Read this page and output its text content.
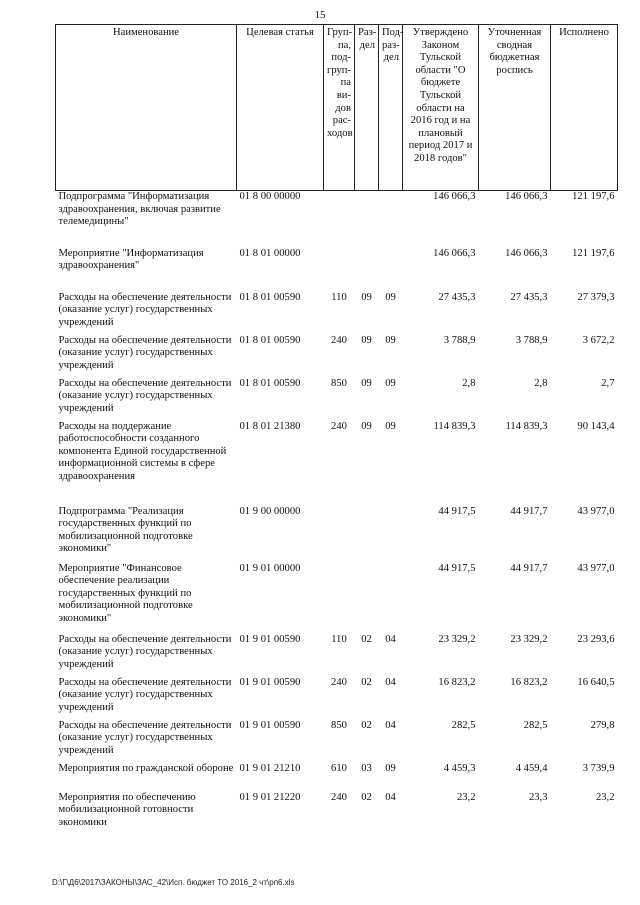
15
Наименование	Целевая статья	Груп-па, под-груп-па ви-дов рас-ходов	Раз-дел	Под-раз-дел	Утверждено Законом Тульской области "О бюджете Тульской области на 2016 год и на плановый период 2017 и 2018 годов"	Уточненная сводная бюджетная роспись	Исполнено
Подпрограмма "Информатизация здравоохранения, включая развитие телемедицины"	01 8 00 00000				146 066,3	146 066,3	121 197,6
Мероприятие "Информатизация здравоохранения"	01 8 01 00000				146 066,3	146 066,3	121 197,6
Расходы на обеспечение деятельности (оказание услуг) государственных учреждений	01 8 01 00590	110	09	09	27 435,3	27 435,3	27 379,3
Расходы на обеспечение деятельности (оказание услуг) государственных учреждений	01 8 01 00590	240	09	09	3 788,9	3 788,9	3 672,2
Расходы на обеспечение деятельности (оказание услуг) государственных учреждений	01 8 01 00590	850	09	09	2,8	2,8	2,7
Расходы на поддержание работоспособности созданного компонента Единой государственной информационной системы в сфере здравоохранения	01 8 01 21380	240	09	09	114 839,3	114 839,3	90 143,4
Подпрограмма "Реализация государственных функций по мобилизационной подготовке экономики"	01 9 00 00000				44 917,5	44 917,7	43 977,0
Мероприятие "Финансовое обеспечение реализации государственных функций по мобилизационной подготовке экономики"	01 9 01 00000				44 917,5	44 917,7	43 977,0
Расходы на обеспечение деятельности (оказание услуг) государственных учреждений	01 9 01 00590	110	02	04	23 329,2	23 329,2	23 293,6
Расходы на обеспечение деятельности (оказание услуг) государственных учреждений	01 9 01 00590	240	02	04	16 823,2	16 823,2	16 640,5
Расходы на обеспечение деятельности (оказание услуг) государственных учреждений	01 9 01 00590	850	02	04	282,5	282,5	279,8
Мероприятия по гражданской обороне	01 9 01 21210	610	03	09	4 459,3	4 459,4	3 739,9
Мероприятия по обеспечению мобилизационной готовности экономики	01 9 01 21220	240	02	04	23,2	23,3	23,2
D:\Г\Д6\2017\ЗАКОНЫ\ЗАС_42\Исп. бюджет ТО 2016_2 чт\рп6.xls
